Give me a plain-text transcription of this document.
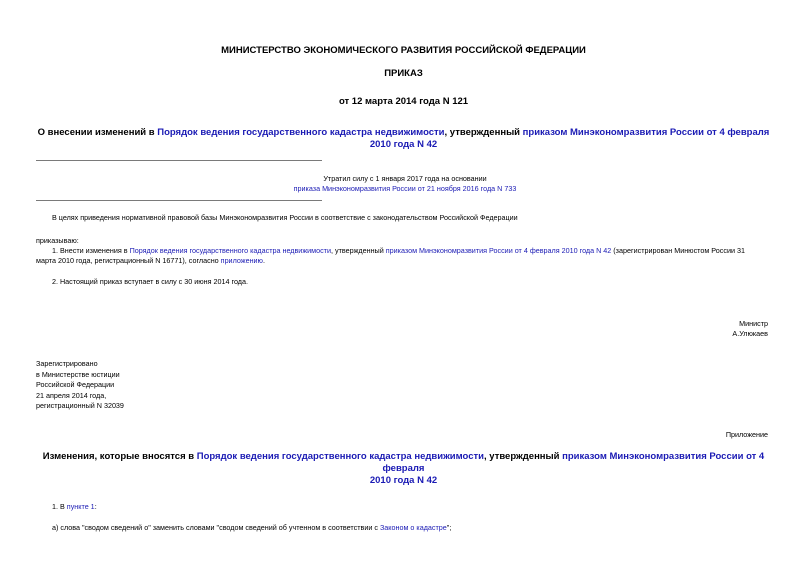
МИНИСТЕРСТВО ЭКОНОМИЧЕСКОГО РАЗВИТИЯ РОССИЙСКОЙ ФЕДЕРАЦИИ
ПРИКАЗ
от 12 марта 2014 года N 121
О внесении изменений в Порядок ведения государственного кадастра недвижимости, утвержденный приказом Минэкономразвития России от 4 февраля 2010 года N 42
Утратил силу с 1 января 2017 года на основании
приказа Минэкономразвития России от 21 ноября 2016 года N 733
В целях приведения нормативной правовой базы Минэкономразвития России в соответствие с законодательством Российской Федерации
приказываю:
1. Внести изменения в Порядок ведения государственного кадастра недвижимости, утвержденный приказом Минэкономразвития России от 4 февраля 2010 года N 42 (зарегистрирован Минюстом России 31
марта 2010 года, регистрационный N 16771), согласно приложению.
2. Настоящий приказ вступает в силу с 30 июня 2014 года.
Министр
А.Улюкаев
Зарегистрировано
в Министерстве юстиции
Российской Федерации
21 апреля 2014 года,
регистрационный N 32039
Приложение
Изменения, которые вносятся в Порядок ведения государственного кадастра недвижимости, утвержденный приказом Минэкономразвития России от 4 февраля
2010 года N 42
1. В пункте 1:
а) слова "сводом сведений о" заменить словами "сводом сведений об учтенном в соответствии с Законом о кадастре";
